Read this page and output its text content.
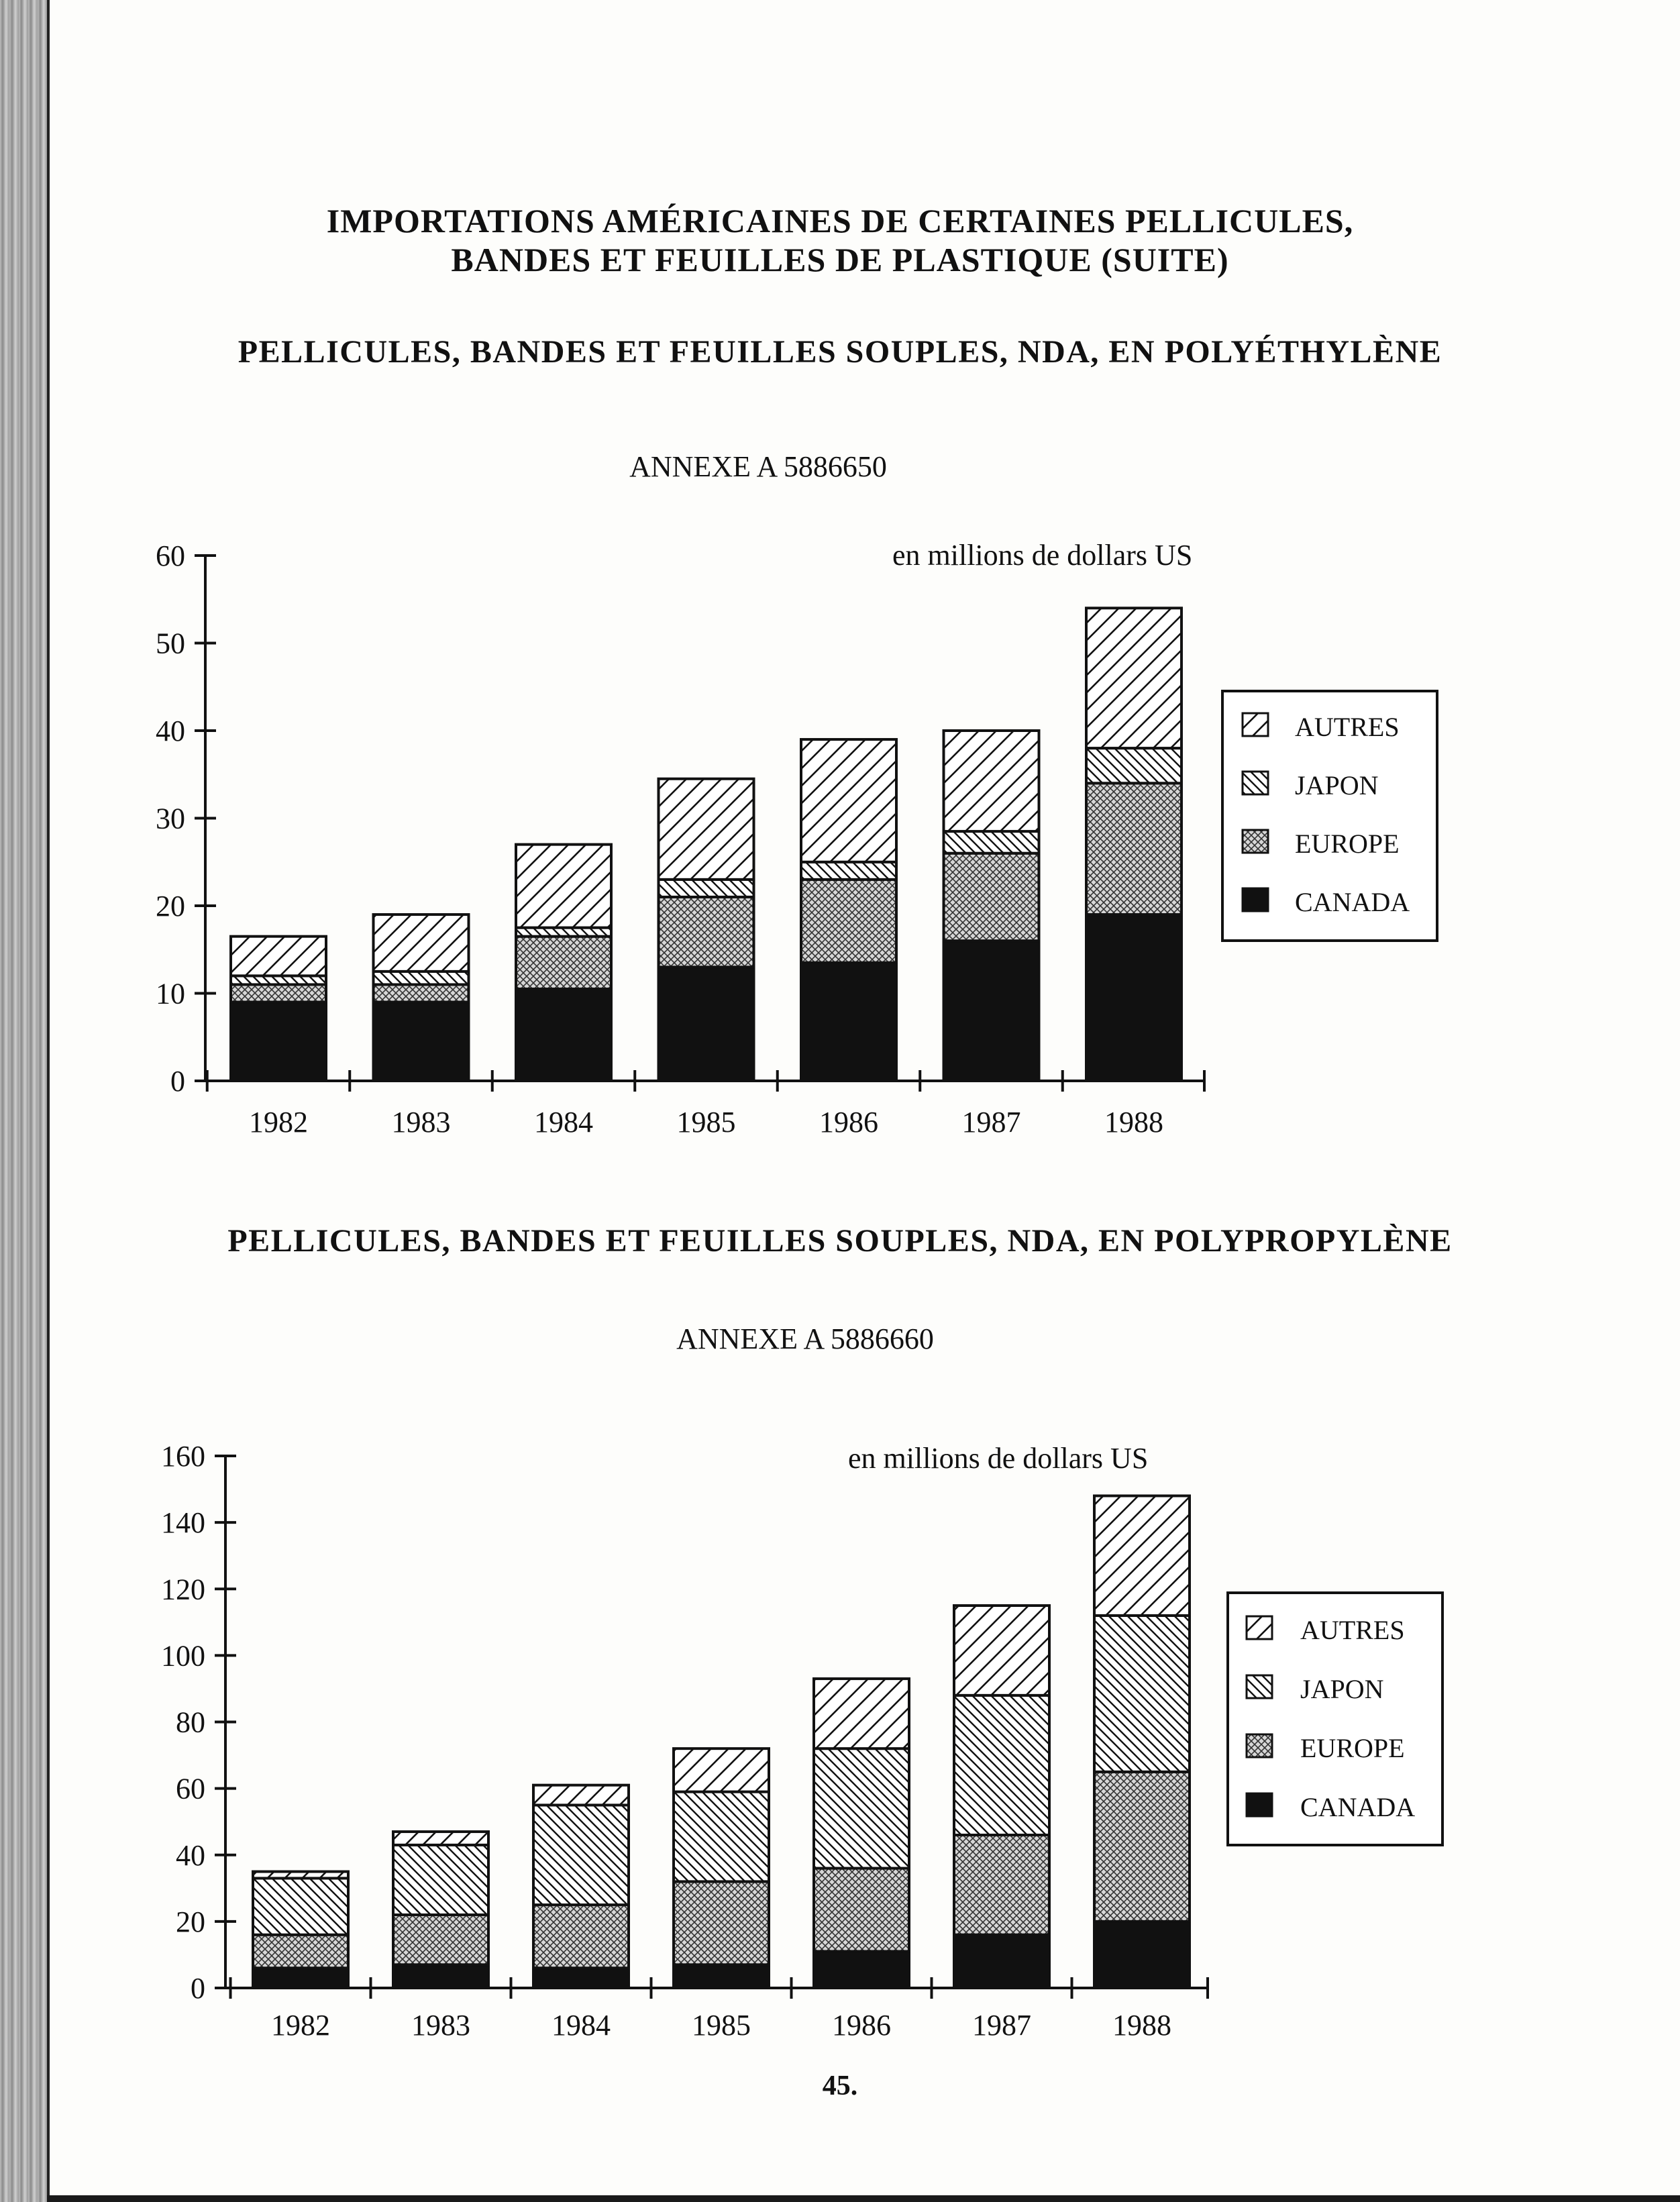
IMPORTATIONS AMÉRICAINES DE CERTAINES PELLICULES,
BANDES ET FEUILLES DE PLASTIQUE (SUITE)
PELLICULES, BANDES ET FEUILLES SOUPLES, NDA, EN POLYÉTHYLÈNE
ANNEXE A 5886650
PELLICULES, BANDES ET FEUILLES SOUPLES, NDA, EN POLYPROPYLÈNE
ANNEXE A 5886660
en millions de dollars US
0
10
20
30
40
50
60
1982	1983	1984	1985	1986	1987	1988
AUTRES
JAPON
EUROPE
CANADA
en millions de dollars US
0
20
40
60
80
100
120
140
160
1982	1983	1984	1985	1986	1987	1988
AUTRES
JAPON
EUROPE
CANADA
45.
